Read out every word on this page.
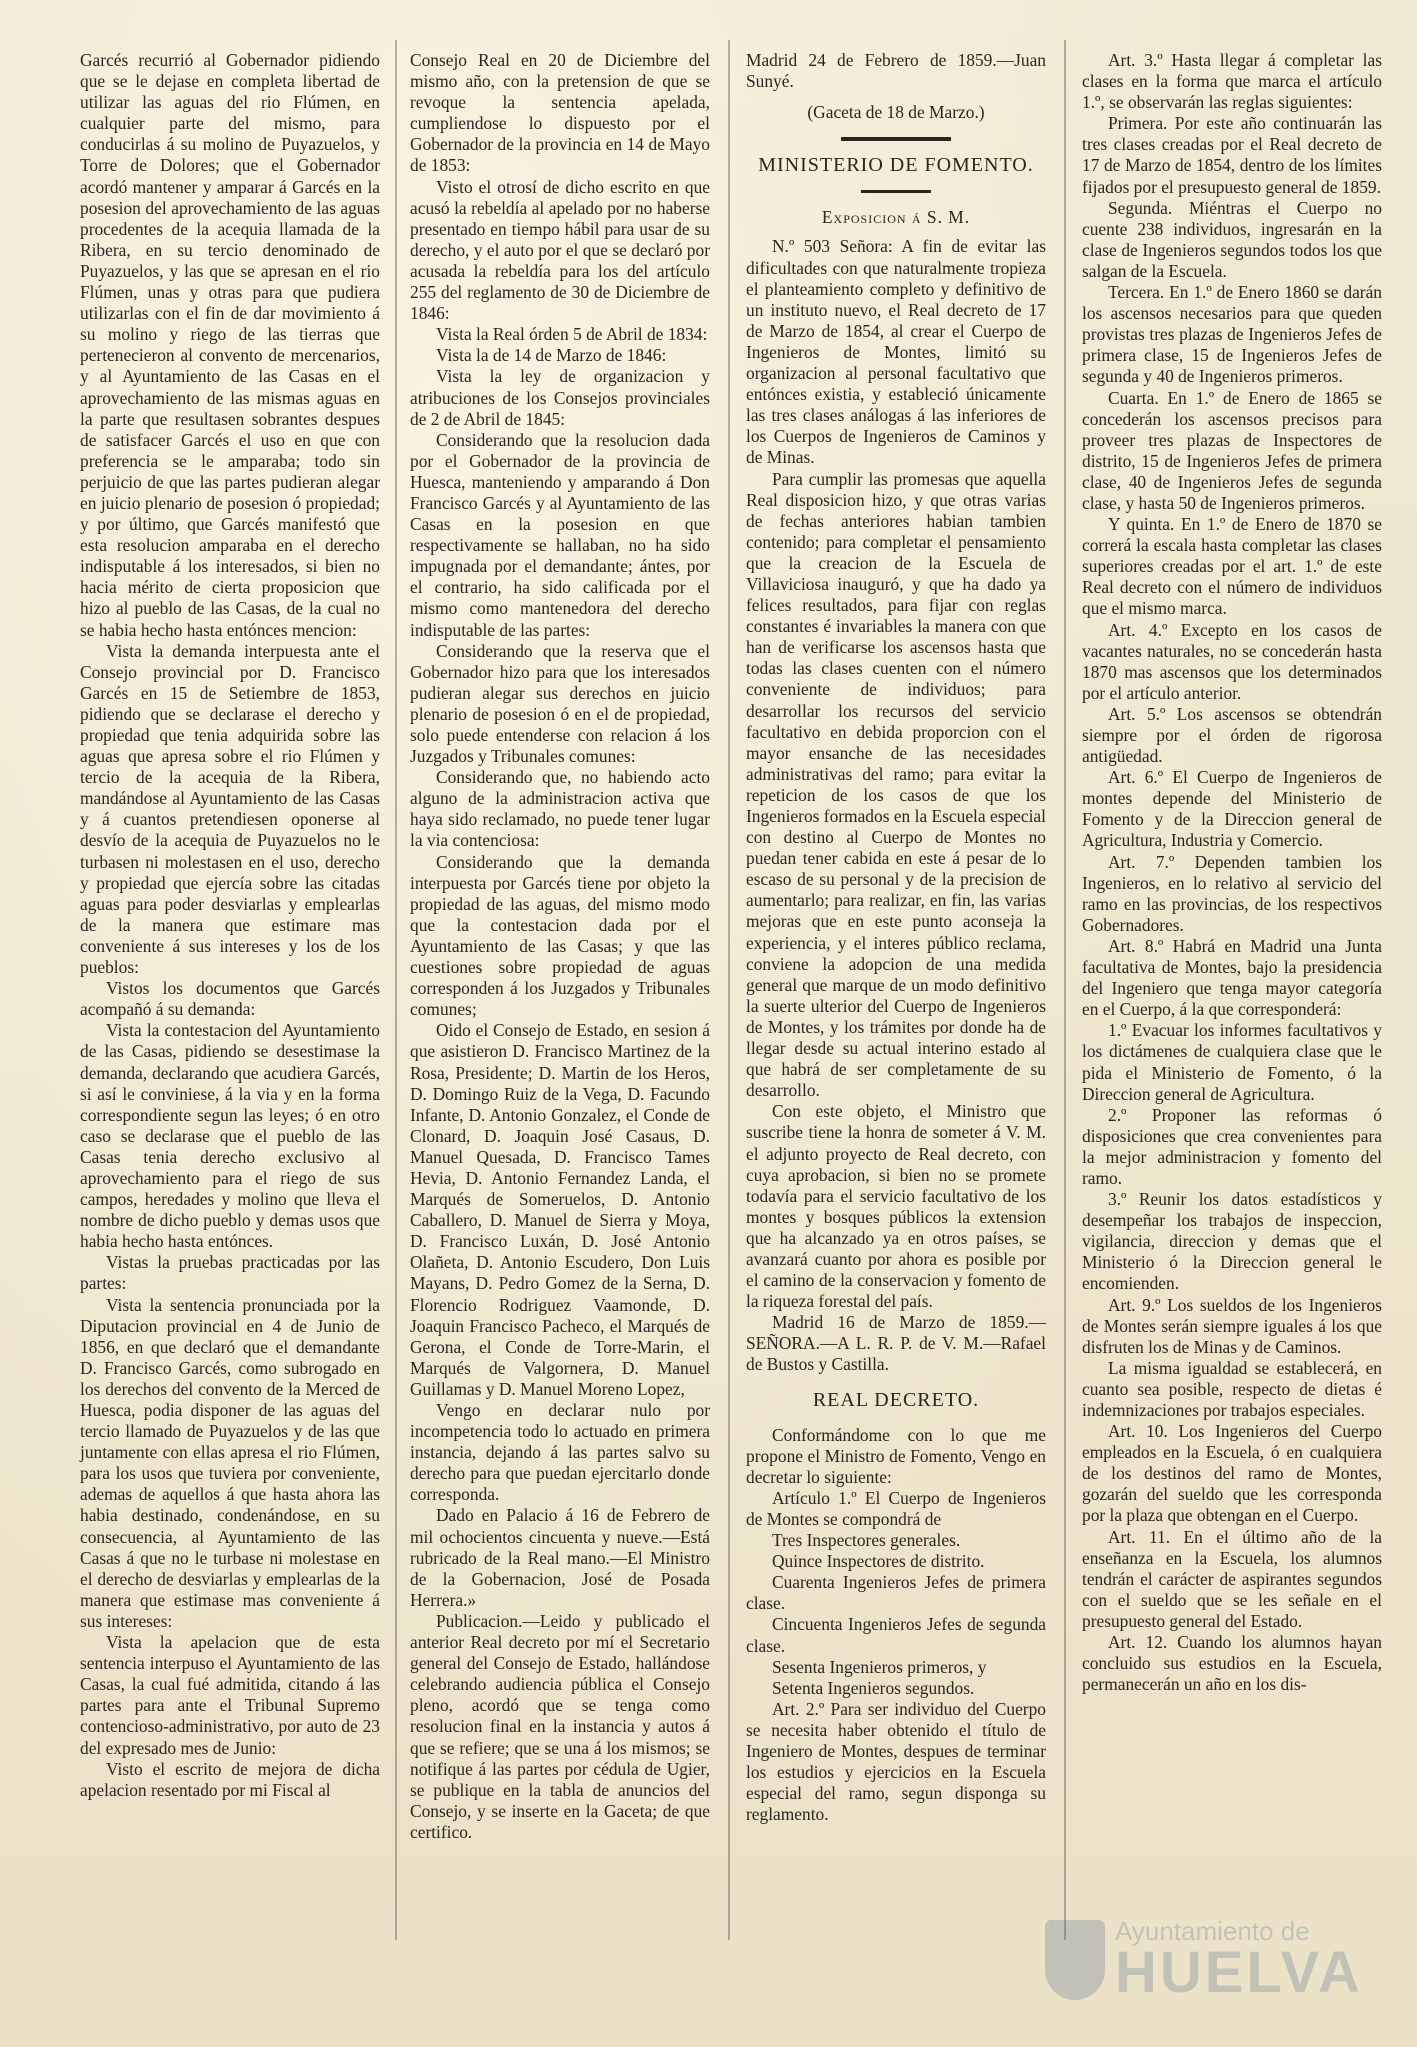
Garcés recurrió al Gobernador pidiendo que se le dejase en completa libertad de utilizar las aguas del rio Flúmen, en cualquier parte del mismo, para conducirlas á su molino de Puyazuelos, y Torre de Dolores; que el Gobernador acordó mantener y amparar á Garcés en la posesion del aprovechamiento de las aguas procedentes de la acequia llamada de la Ribera, en su tercio denominado de Puyazuelos, y las que se apresan en el rio Flúmen, unas y otras para que pudiera utilizarlas con el fin de dar movimiento á su molino y riego de las tierras que pertenecieron al convento de mercenarios, y al Ayuntamiento de las Casas en el aprovechamiento de las mismas aguas en la parte que resultasen sobrantes despues de satisfacer Garcés el uso en que con preferencia se le amparaba; todo sin perjuicio de que las partes pudieran alegar en juicio plenario de posesion ó propiedad; y por último, que Garcés manifestó que esta resolucion amparaba en el derecho indisputable á los interesados, si bien no hacia mérito de cierta proposicion que hizo al pueblo de las Casas, de la cual no se habia hecho hasta entónces mencion:

Vista la demanda interpuesta ante el Consejo provincial por D. Francisco Garcés en 15 de Setiembre de 1853, pidiendo que se declarase el derecho y propiedad que tenia adquirida sobre las aguas que apresa sobre el rio Flúmen y tercio de la acequia de la Ribera, mandándose al Ayuntamiento de las Casas y á cuantos pretendiesen oponerse al desvío de la acequia de Puyazuelos no le turbasen ni molestasen en el uso, derecho y propiedad que ejercía sobre las citadas aguas para poder desviarlas y emplearlas de la manera que estimare mas conveniente á sus intereses y los de los pueblos:

Vistos los documentos que Garcés acompañó á su demanda:

Vista la contestacion del Ayuntamiento de las Casas, pidiendo se desestimase la demanda, declarando que acudiera Garcés, si así le conviniese, á la via y en la forma correspondiente segun las leyes; ó en otro caso se declarase que el pueblo de las Casas tenia derecho exclusivo al aprovechamiento para el riego de sus campos, heredades y molino que lleva el nombre de dicho pueblo y demas usos que habia hecho hasta entónces.

Vistas la pruebas practicadas por las partes:

Vista la sentencia pronunciada por la Diputacion provincial en 4 de Junio de 1856, en que declaró que el demandante D. Francisco Garcés, como subrogado en los derechos del convento de la Merced de Huesca, podia disponer de las aguas del tercio llamado de Puyazuelos y de las que juntamente con ellas apresa el rio Flúmen, para los usos que tuviera por conveniente, ademas de aquellos á que hasta ahora las habia destinado, condenándose, en su consecuencia, al Ayuntamiento de las Casas á que no le turbase ni molestase en el derecho de desviarlas y emplearlas de la manera que estimase mas conveniente á sus intereses:

Vista la apelacion que de esta sentencia interpuso el Ayuntamiento de las Casas, la cual fué admitida, citando á las partes para ante el Tribunal Supremo contencioso-administrativo, por auto de 23 del expresado mes de Junio:

Visto el escrito de mejora de dicha apelacion resentado por mi Fiscal al

Consejo Real en 20 de Diciembre del mismo año, con la pretension de que se revoque la sentencia apelada, cumpliendose lo dispuesto por el Gobernador de la provincia en 14 de Mayo de 1853:

Visto el otrosí de dicho escrito en que acusó la rebeldía al apelado por no haberse presentado en tiempo hábil para usar de su derecho, y el auto por el que se declaró por acusada la rebeldía para los del artículo 255 del reglamento de 30 de Diciembre de 1846:

Vista la Real órden 5 de Abril de 1834:

Vista la de 14 de Marzo de 1846:

Vista la ley de organizacion y atribuciones de los Consejos provinciales de 2 de Abril de 1845:

Considerando que la resolucion dada por el Gobernador de la provincia de Huesca, manteniendo y amparando á Don Francisco Garcés y al Ayuntamiento de las Casas en la posesion en que respectivamente se hallaban, no ha sido impugnada por el demandante; ántes, por el contrario, ha sido calificada por el mismo como mantenedora del derecho indisputable de las partes:

Considerando que la reserva que el Gobernador hizo para que los interesados pudieran alegar sus derechos en juicio plenario de posesion ó en el de propiedad, solo puede entenderse con relacion á los Juzgados y Tribunales comunes:

Considerando que, no habiendo acto alguno de la administracion activa que haya sido reclamado, no puede tener lugar la via contenciosa:

Considerando que la demanda interpuesta por Garcés tiene por objeto la propiedad de las aguas, del mismo modo que la contestacion dada por el Ayuntamiento de las Casas; y que las cuestiones sobre propiedad de aguas corresponden á los Juzgados y Tribunales comunes;

Oido el Consejo de Estado, en sesion á que asistieron D. Francisco Martinez de la Rosa, Presidente; D. Martin de los Heros, D. Domingo Ruiz de la Vega, D. Facundo Infante, D. Antonio Gonzalez, el Conde de Clonard, D. Joaquin José Casaus, D. Manuel Quesada, D. Francisco Tames Hevia, D. Antonio Fernandez Landa, el Marqués de Someruelos, D. Antonio Caballero, D. Manuel de Sierra y Moya, D. Francisco Luxán, D. José Antonio Olañeta, D. Antonio Escudero, Don Luis Mayans, D. Pedro Gomez de la Serna, D. Florencio Rodriguez Vaamonde, D. Joaquin Francisco Pacheco, el Marqués de Gerona, el Conde de Torre-Marin, el Marqués de Valgornera, D. Manuel Guillamas y D. Manuel Moreno Lopez,

Vengo en declarar nulo por incompetencia todo lo actuado en primera instancia, dejando á las partes salvo su derecho para que puedan ejercitarlo donde corresponda.

Dado en Palacio á 16 de Febrero de mil ochocientos cincuenta y nueve.—Está rubricado de la Real mano.—El Ministro de la Gobernacion, José de Posada Herrera.»

Publicacion.—Leido y publicado el anterior Real decreto por mí el Secretario general del Consejo de Estado, hallándose celebrando audiencia pública el Consejo pleno, acordó que se tenga como resolucion final en la instancia y autos á que se refiere; que se una á los mismos; se notifique á las partes por cédula de Ugier, se publique en la tabla de anuncios del Consejo, y se inserte en la Gaceta; de que certifico.

Madrid 24 de Febrero de 1859.—Juan Sunyé.

(Gaceta de 18 de Marzo.)

MINISTERIO DE FOMENTO.

Exposicion á S. M.

N.º 503 Señora: A fin de evitar las dificultades con que naturalmente tropieza el planteamiento completo y definitivo de un instituto nuevo, el Real decreto de 17 de Marzo de 1854, al crear el Cuerpo de Ingenieros de Montes, limitó su organizacion al personal facultativo que entónces existia, y estableció únicamente las tres clases análogas á las inferiores de los Cuerpos de Ingenieros de Caminos y de Minas.

Para cumplir las promesas que aquella Real disposicion hizo, y que otras varias de fechas anteriores habian tambien contenido; para completar el pensamiento que la creacion de la Escuela de Villaviciosa inauguró, y que ha dado ya felices resultados, para fijar con reglas constantes é invariables la manera con que han de verificarse los ascensos hasta que todas las clases cuenten con el número conveniente de individuos; para desarrollar los recursos del servicio facultativo en debida proporcion con el mayor ensanche de las necesidades administrativas del ramo; para evitar la repeticion de los casos de que los Ingenieros formados en la Escuela especial con destino al Cuerpo de Montes no puedan tener cabida en este á pesar de lo escaso de su personal y de la precision de aumentarlo; para realizar, en fin, las varias mejoras que en este punto aconseja la experiencia, y el interes público reclama, conviene la adopcion de una medida general que marque de un modo definitivo la suerte ulterior del Cuerpo de Ingenieros de Montes, y los trámites por donde ha de llegar desde su actual interino estado al que habrá de ser completamente de su desarrollo.

Con este objeto, el Ministro que suscribe tiene la honra de someter á V. M. el adjunto proyecto de Real decreto, con cuya aprobacion, si bien no se promete todavía para el servicio facultativo de los montes y bosques públicos la extension que ha alcanzado ya en otros países, se avanzará cuanto por ahora es posible por el camino de la conservacion y fomento de la riqueza forestal del país.

Madrid 16 de Marzo de 1859.—SEÑORA.—A L. R. P. de V. M.—Rafael de Bustos y Castilla.

REAL DECRETO.

Conformándome con lo que me propone el Ministro de Fomento, Vengo en decretar lo siguiente:

Artículo 1.º El Cuerpo de Ingenieros de Montes se compondrá de

Tres Inspectores generales.

Quince Inspectores de distrito.

Cuarenta Ingenieros Jefes de primera clase.

Cincuenta Ingenieros Jefes de segunda clase.

Sesenta Ingenieros primeros, y

Setenta Ingenieros segundos.

Art. 2.º Para ser individuo del Cuerpo se necesita haber obtenido el título de Ingeniero de Montes, despues de terminar los estudios y ejercicios en la Escuela especial del ramo, segun disponga su reglamento.

Art. 3.º Hasta llegar á completar las clases en la forma que marca el artículo 1.º, se observarán las reglas siguientes:

Primera. Por este año continuarán las tres clases creadas por el Real decreto de 17 de Marzo de 1854, dentro de los límites fijados por el presupuesto general de 1859.

Segunda. Miéntras el Cuerpo no cuente 238 individuos, ingresarán en la clase de Ingenieros segundos todos los que salgan de la Escuela.

Tercera. En 1.º de Enero 1860 se darán los ascensos necesarios para que queden provistas tres plazas de Ingenieros Jefes de primera clase, 15 de Ingenieros Jefes de segunda y 40 de Ingenieros primeros.

Cuarta. En 1.º de Enero de 1865 se concederán los ascensos precisos para proveer tres plazas de Inspectores de distrito, 15 de Ingenieros Jefes de primera clase, 40 de Ingenieros Jefes de segunda clase, y hasta 50 de Ingenieros primeros.

Y quinta. En 1.º de Enero de 1870 se correrá la escala hasta completar las clases superiores creadas por el art. 1.º de este Real decreto con el número de individuos que el mismo marca.

Art. 4.º Excepto en los casos de vacantes naturales, no se concederán hasta 1870 mas ascensos que los determinados por el artículo anterior.

Art. 5.º Los ascensos se obtendrán siempre por el órden de rigorosa antigüedad.

Art. 6.º El Cuerpo de Ingenieros de montes depende del Ministerio de Fomento y de la Direccion general de Agricultura, Industria y Comercio.

Art. 7.º Dependen tambien los Ingenieros, en lo relativo al servicio del ramo en las provincias, de los respectivos Gobernadores.

Art. 8.º Habrá en Madrid una Junta facultativa de Montes, bajo la presidencia del Ingeniero que tenga mayor categoría en el Cuerpo, á la que corresponderá:

1.º Evacuar los informes facultativos y los dictámenes de cualquiera clase que le pida el Ministerio de Fomento, ó la Direccion general de Agricultura.

2.º Proponer las reformas ó disposiciones que crea convenientes para la mejor administracion y fomento del ramo.

3.º Reunir los datos estadísticos y desempeñar los trabajos de inspeccion, vigilancia, direccion y demas que el Ministerio ó la Direccion general le encomienden.

Art. 9.º Los sueldos de los Ingenieros de Montes serán siempre iguales á los que disfruten los de Minas y de Caminos.

La misma igualdad se establecerá, en cuanto sea posible, respecto de dietas é indemnizaciones por trabajos especiales.

Art. 10. Los Ingenieros del Cuerpo empleados en la Escuela, ó en cualquiera de los destinos del ramo de Montes, gozarán del sueldo que les corresponda por la plaza que obtengan en el Cuerpo.

Art. 11. En el último año de la enseñanza en la Escuela, los alumnos tendrán el carácter de aspirantes segundos con el sueldo que se les señale en el presupuesto general del Estado.

Art. 12. Cuando los alumnos hayan concluido sus estudios en la Escuela, permanecerán un año en los dis-

Ayuntamiento de
HUELVA
